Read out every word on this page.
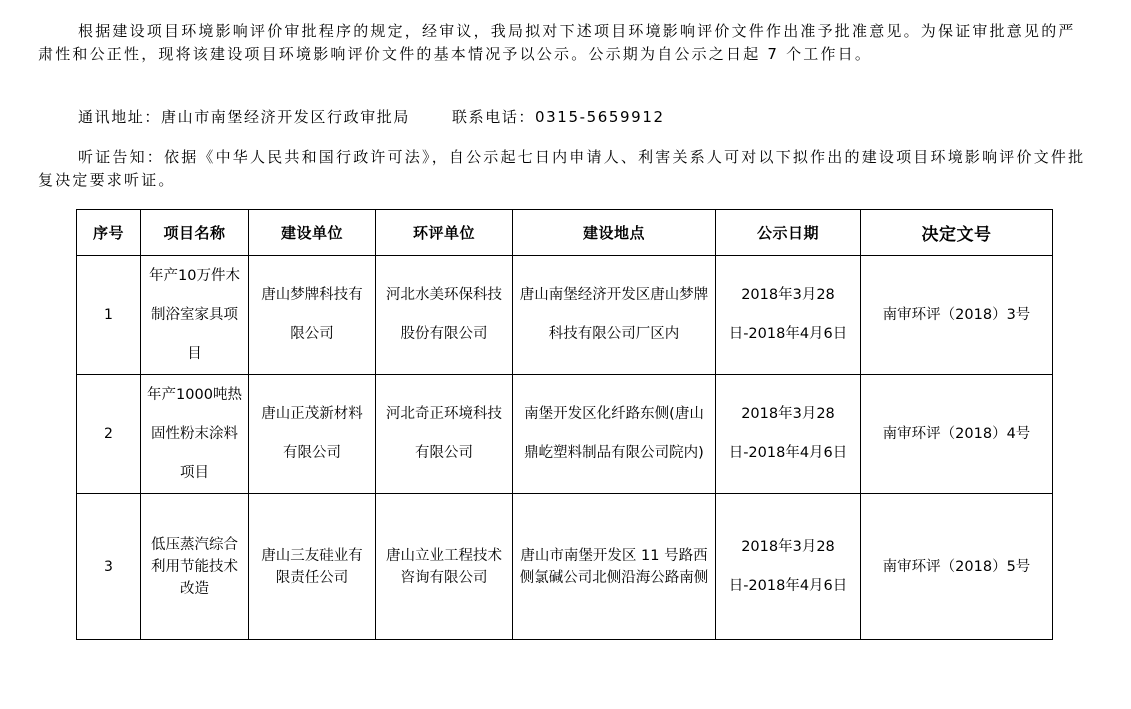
根据建设项目环境影响评价审批程序的规定，经审议，我局拟对下述项目环境影响评价文件作出准予批准意见。为保证审批意见的严肃性和公正性，现将该建设项目环境影响评价文件的基本情况予以公示。公示期为自公示之日起 7 个工作日。

通讯地址：唐山市南堡经济开发区行政审批局	联系电话：0315-5659912

听证告知：依据《中华人民共和国行政许可法》，自公示起七日内申请人、利害关系人可对以下拟作出的建设项目环境影响评价文件批复决定要求听证。

序号	项目名称	建设单位	环评单位	建设地点	公示日期	决定文号
1	年产10万件木制浴室家具项目	唐山梦牌科技有限公司	河北水美环保科技股份有限公司	唐山南堡经济开发区唐山梦牌科技有限公司厂区内	2018年3月28日-2018年4月6日	南审环评（2018）3号
2	年产1000吨热固性粉末涂料项目	唐山正茂新材料有限公司	河北奇正环境科技有限公司	南堡开发区化纤路东侧(唐山鼎屹塑料制品有限公司院内)	2018年3月28日-2018年4月6日	南审环评（2018）4号
3	低压蒸汽综合利用节能技术改造	唐山三友硅业有限责任公司	唐山立业工程技术咨询有限公司	唐山市南堡开发区 11 号路西侧氯碱公司北侧沿海公路南侧	2018年3月28日-2018年4月6日	南审环评（2018）5号
